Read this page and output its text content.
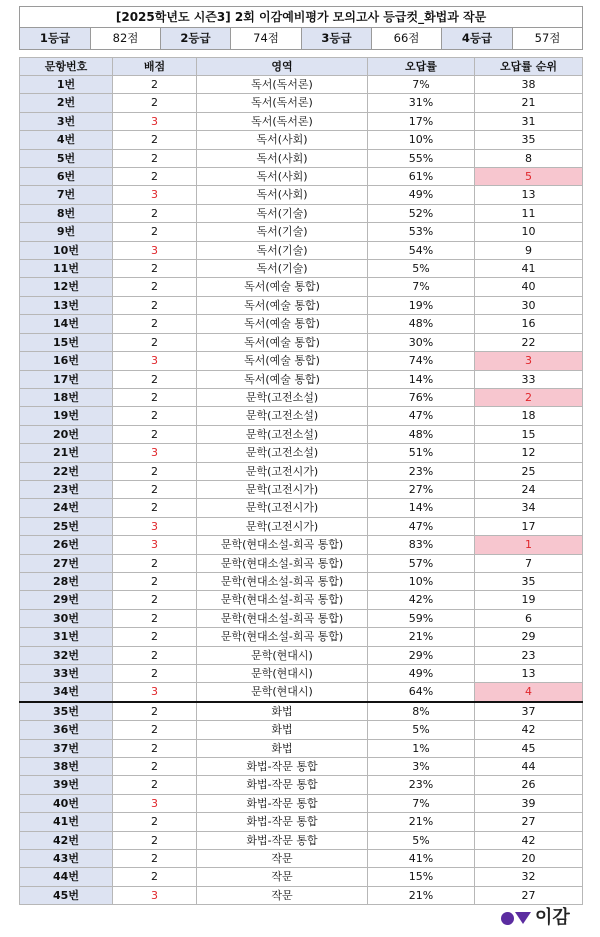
[2025학년도 시즌3] 2회 이감예비평가 모의고사 등급컷_화법과 작문
1등급	82점	2등급	74점	3등급	66점	4등급	57점

문항번호	배점	영역	오답률	오답률 순위
1번	2	독서(독서론)	7%	38
2번	2	독서(독서론)	31%	21
3번	3	독서(독서론)	17%	31
4번	2	독서(사회)	10%	35
5번	2	독서(사회)	55%	8
6번	2	독서(사회)	61%	5
7번	3	독서(사회)	49%	13
8번	2	독서(기술)	52%	11
9번	2	독서(기술)	53%	10
10번	3	독서(기술)	54%	9
11번	2	독서(기술)	5%	41
12번	2	독서(예술 통합)	7%	40
13번	2	독서(예술 통합)	19%	30
14번	2	독서(예술 통합)	48%	16
15번	2	독서(예술 통합)	30%	22
16번	3	독서(예술 통합)	74%	3
17번	2	독서(예술 통합)	14%	33
18번	2	문학(고전소설)	76%	2
19번	2	문학(고전소설)	47%	18
20번	2	문학(고전소설)	48%	15
21번	3	문학(고전소설)	51%	12
22번	2	문학(고전시가)	23%	25
23번	2	문학(고전시가)	27%	24
24번	2	문학(고전시가)	14%	34
25번	3	문학(고전시가)	47%	17
26번	3	문학(현대소설-희곡 통합)	83%	1
27번	2	문학(현대소설-희곡 통합)	57%	7
28번	2	문학(현대소설-희곡 통합)	10%	35
29번	2	문학(현대소설-희곡 통합)	42%	19
30번	2	문학(현대소설-희곡 통합)	59%	6
31번	2	문학(현대소설-희곡 통합)	21%	29
32번	2	문학(현대시)	29%	23
33번	2	문학(현대시)	49%	13
34번	3	문학(현대시)	64%	4
35번	2	화법	8%	37
36번	2	화법	5%	42
37번	2	화법	1%	45
38번	2	화법-작문 통합	3%	44
39번	2	화법-작문 통합	23%	26
40번	3	화법-작문 통합	7%	39
41번	2	화법-작문 통합	21%	27
42번	2	화법-작문 통합	5%	42
43번	2	작문	41%	20
44번	2	작문	15%	32
45번	3	작문	21%	27
이감
